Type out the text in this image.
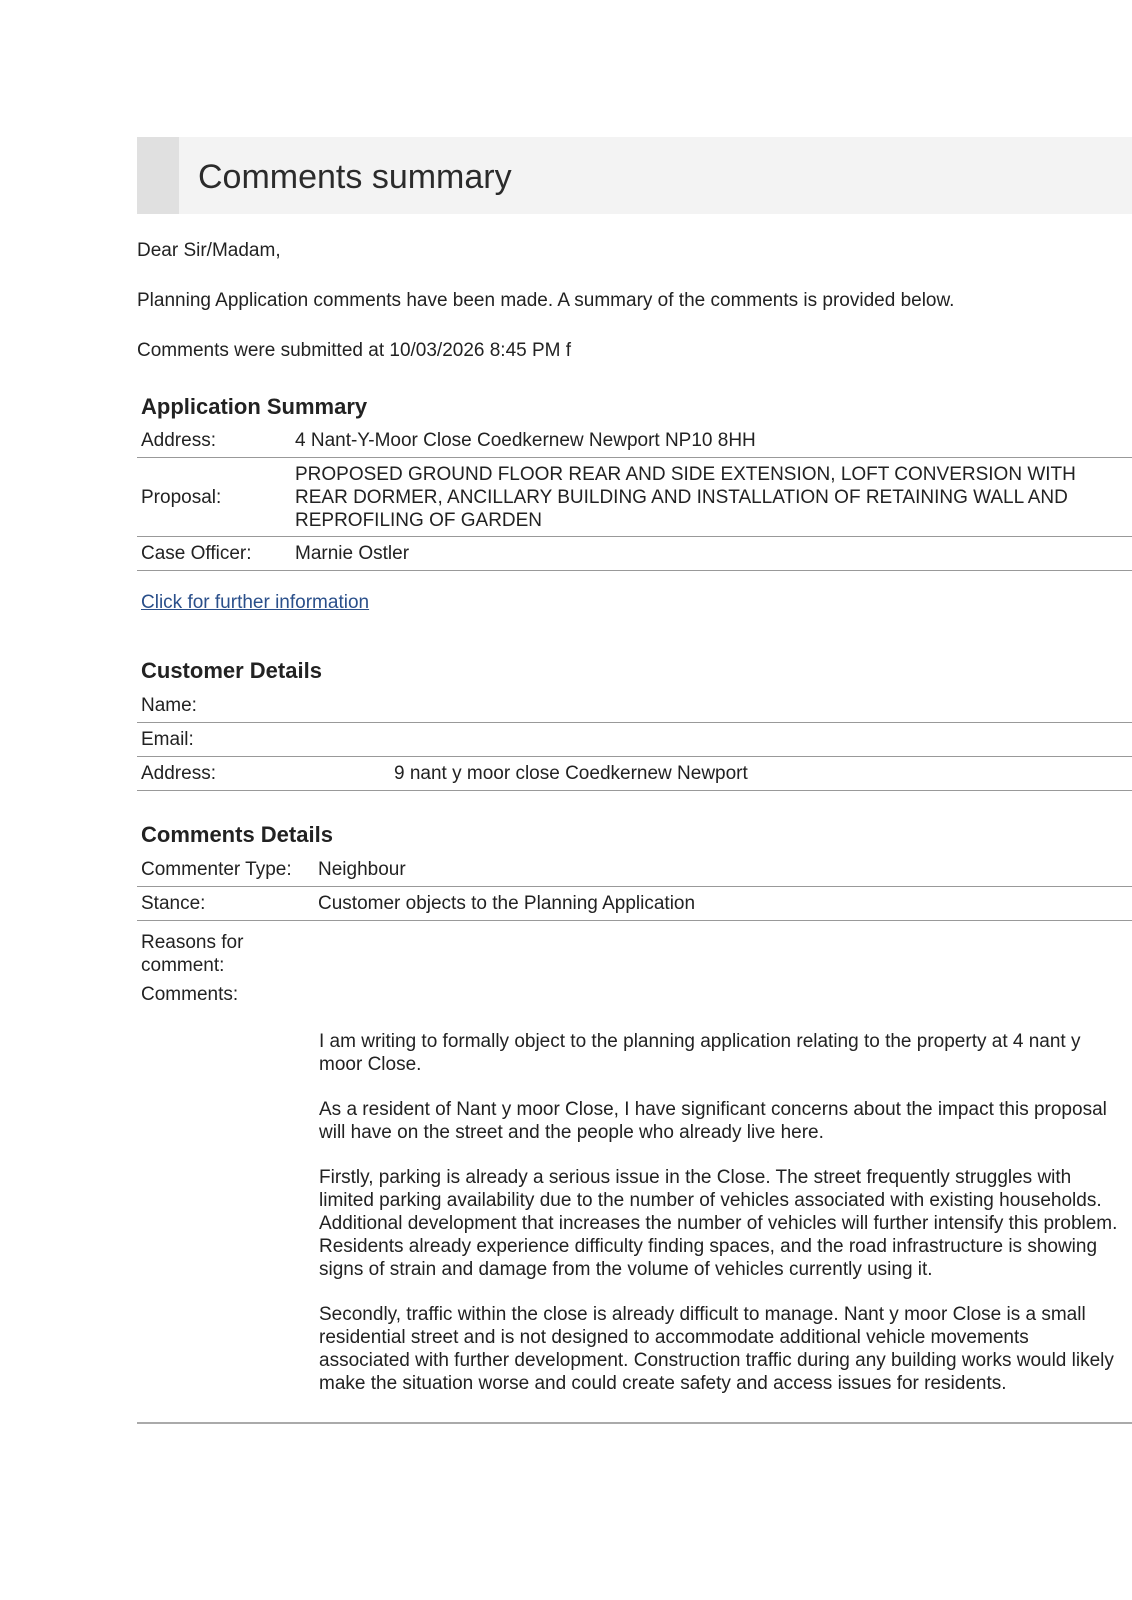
Comments summary

Dear Sir/Madam,

Planning Application comments have been made. A summary of the comments is provided below.

Comments were submitted at 10/03/2026 8:45 PM f

Application Summary
Address:	4 Nant-Y-Moor Close Coedkernew Newport NP10 8HH
Proposal:	PROPOSED GROUND FLOOR REAR AND SIDE EXTENSION, LOFT CONVERSION WITH REAR DORMER, ANCILLARY BUILDING AND INSTALLATION OF RETAINING WALL AND REPROFILING OF GARDEN
Case Officer:	Marnie Ostler
Click for further information
Customer Details
Name:	
Email:	
Address:	9 nant y moor close Coedkernew Newport
Comments Details
Commenter Type:	Neighbour
Stance:	Customer objects to the Planning Application
Reasons for comment:	
Comments:	

I am writing to formally object to the planning application relating to the property at 4 nant y moor Close.

As a resident of Nant y moor Close, I have significant concerns about the impact this proposal will have on the street and the people who already live here.

Firstly, parking is already a serious issue in the Close. The street frequently struggles with limited parking availability due to the number of vehicles associated with existing households. Additional development that increases the number of vehicles will further intensify this problem. Residents already experience difficulty finding spaces, and the road infrastructure is showing signs of strain and damage from the volume of vehicles currently using it.

Secondly, traffic within the close is already difficult to manage. Nant y moor Close is a small residential street and is not designed to accommodate additional vehicle movements associated with further development. Construction traffic during any building works would likely make the situation worse and could create safety and access issues for residents.
